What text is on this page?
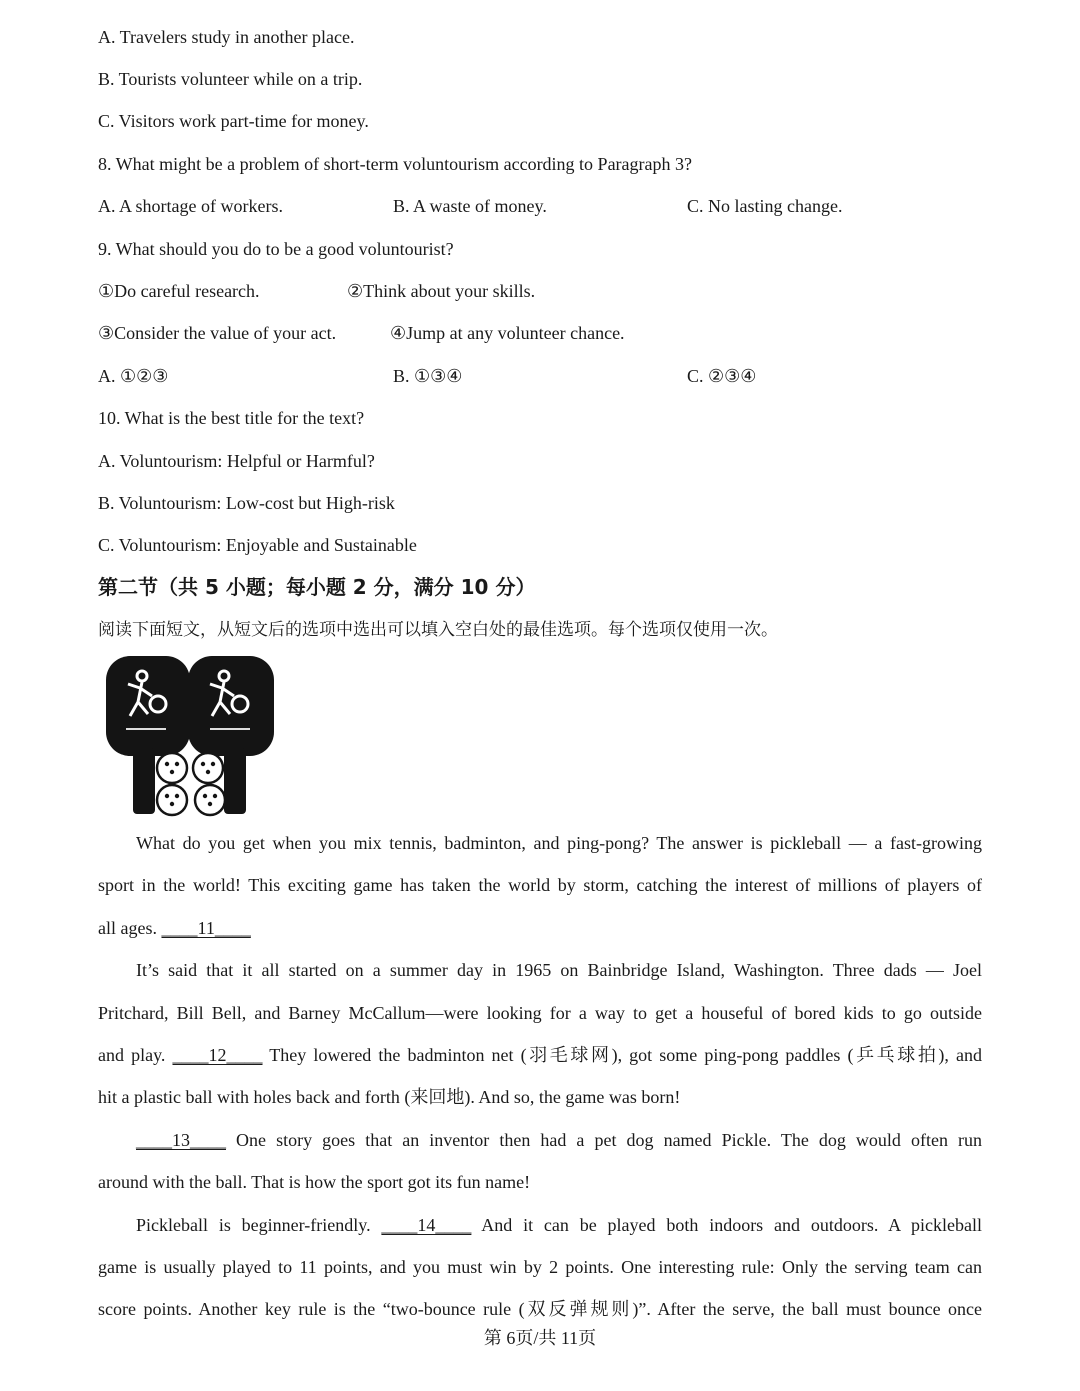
A. Travelers study in another place.
B. Tourists volunteer while on a trip.
C. Visitors work part-time for money.
8. What might be a problem of short-term voluntourism according to Paragraph 3?
A. A shortage of workers.	B. A waste of money.	C. No lasting change.
9. What should you do to be a good voluntourist?
①Do careful research.	②Think about your skills.
③Consider the value of your act.	④Jump at any volunteer chance.
A. ①②③	B. ①③④	C. ②③④
10. What is the best title for the text?
A. Voluntourism: Helpful or Harmful?
B. Voluntourism: Low-cost but High-risk
C. Voluntourism: Enjoyable and Sustainable
第二节（共 5 小题；每小题 2 分，满分 10 分）
阅读下面短文，从短文后的选项中选出可以填入空白处的最佳选项。每个选项仅使用一次。
What do you get when you mix tennis, badminton, and ping-pong? The answer is pickleball — a fast-growing
sport in the world! This exciting game has taken the world by storm, catching the interest of millions of players of
all ages. ____11____
It’s said that it all started on a summer day in 1965 on Bainbridge Island, Washington. Three dads — Joel
Pritchard, Bill Bell, and Barney McCallum—were looking for a way to get a houseful of bored kids to go outside
and play. ____12____ They lowered the badminton net (羽毛球网), got some ping-pong paddles (乒乓球拍), and
hit a plastic ball with holes back and forth (来回地). And so, the game was born!
____13____ One story goes that an inventor then had a pet dog named Pickle. The dog would often run
around with the ball. That is how the sport got its fun name!
Pickleball is beginner-friendly. ____14____ And it can be played both indoors and outdoors. A pickleball
game is usually played to 11 points, and you must win by 2 points. One interesting rule: Only the serving team can
score points. Another key rule is the “two-bounce rule (双反弹规则)”. After the serve, the ball must bounce once
第 6页/共 11页
